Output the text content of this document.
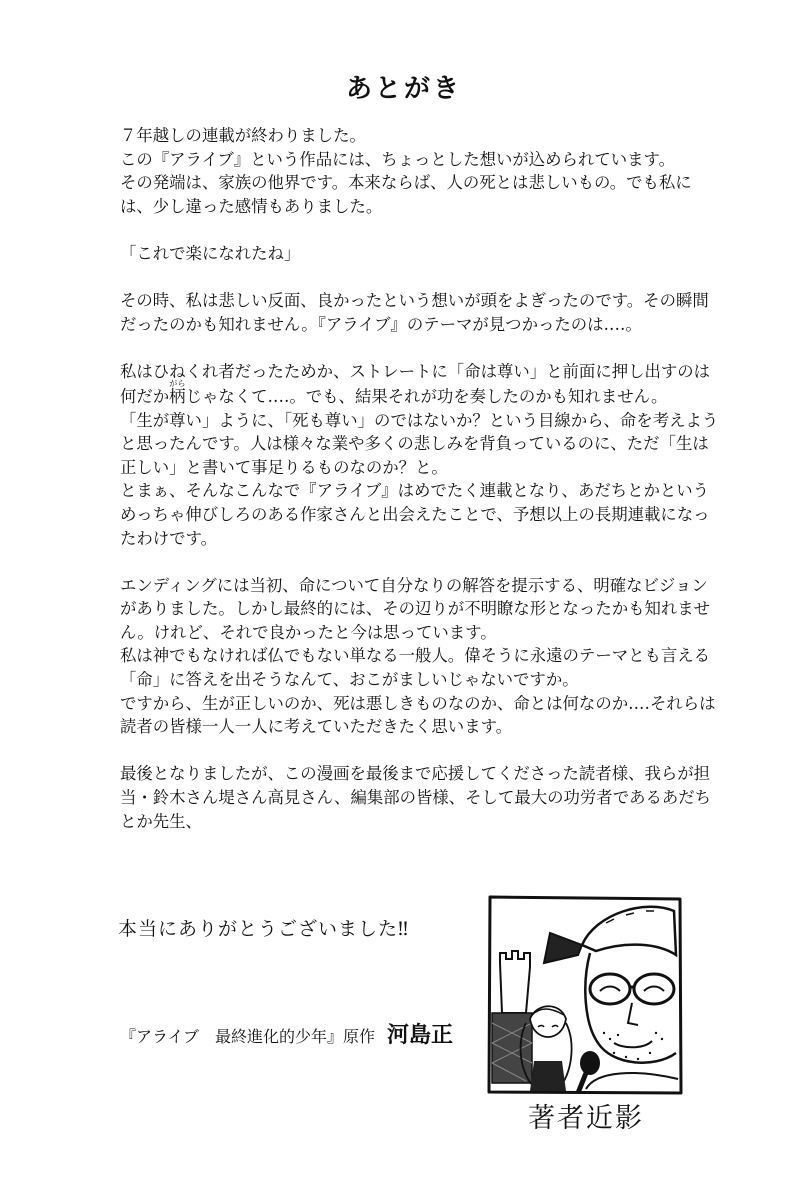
あとがき

７年越しの連載が終わりました。
この『アライブ』という作品には、ちょっとした想いが込められています。
その発端は、家族の他界です。本来ならば、人の死とは悲しいもの。でも私には、少し違った感情もありました。

「これで楽になれたね」

その時、私は悲しい反面、良かったという想いが頭をよぎったのです。その瞬間だったのかも知れません。『アライブ』のテーマが見つかったのは‥‥。

私はひねくれ者だったためか、ストレートに「命は尊い」と前面に押し出すのは何だか柄がらじゃなくて‥‥。でも、結果それが功を奏したのかも知れません。
「生が尊い」ように、「死も尊い」のではないか？という目線から、命を考えようと思ったんです。人は様々な業や多くの悲しみを背負っているのに、ただ「生は正しい」と書いて事足りるものなのか？と。
とまぁ、そんなこんなで『アライブ』はめでたく連載となり、あだちとかというめっちゃ伸びしろのある作家さんと出会えたことで、予想以上の長期連載になったわけです。

エンディングには当初、命について自分なりの解答を提示する、明確なビジョンがありました。しかし最終的には、その辺りが不明瞭な形となったかも知れません。けれど、それで良かったと今は思っています。
私は神でもなければ仏でもない単なる一般人。偉そうに永遠のテーマとも言える「命」に答えを出そうなんて、おこがましいじゃないですか。
ですから、生が正しいのか、死は悪しきものなのか、命とは何なのか‥‥それらは読者の皆様一人一人に考えていただきたく思います。

最後となりましたが、この漫画を最後まで応援してくださった読者様、我らが担当・鈴木さん堤さん高見さん、編集部の皆様、そして最大の功労者であるあだちとか先生、

本当にありがとうございました‼
『アライブ　最終進化的少年』原作 河島正
著者近影
